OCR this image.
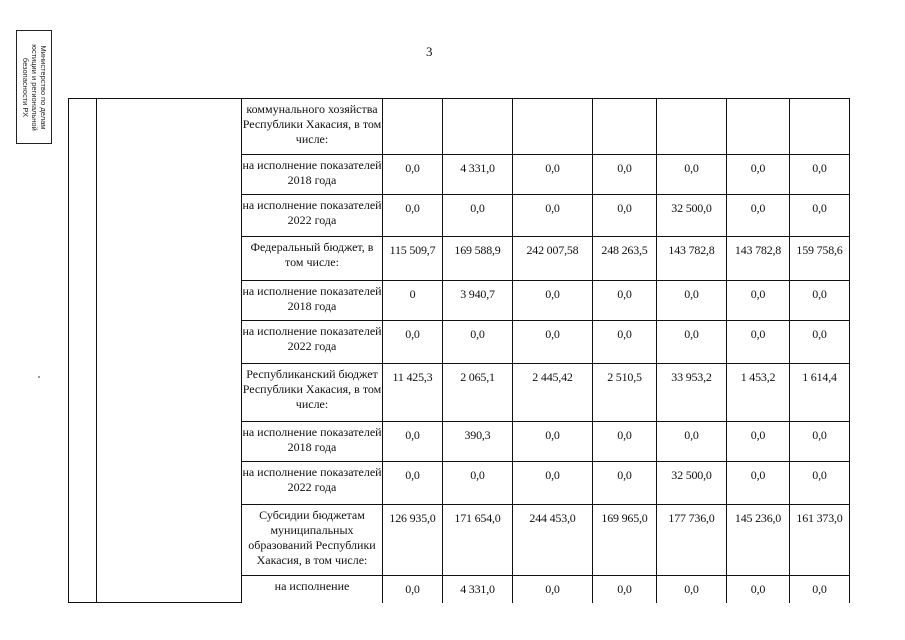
3
Министерство по делам
юстиции и региональной
безопасности РХ
			коммунального хозяйства Республики Хакасия, в том числе:							
		на исполнение показателей 2018 года	0,0	4 331,0	0,0	0,0	0,0	0,0	0,0
		на исполнение показателей 2022 года	0,0	0,0	0,0	0,0	32 500,0	0,0	0,0
		Федеральный бюджет, в том числе:	115 509,7	169 588,9	242 007,58	248 263,5	143 782,8	143 782,8	159 758,6
		на исполнение показателей 2018 года	0	3 940,7	0,0	0,0	0,0	0,0	0,0
		на исполнение показателей 2022 года	0,0	0,0	0,0	0,0	0,0	0,0	0,0
		Республиканский бюджет Республики Хакасия, в том числе:	11 425,3	2 065,1	2 445,42	2 510,5	33 953,2	1 453,2	1 614,4
		на исполнение показателей 2018 года	0,0	390,3	0,0	0,0	0,0	0,0	0,0
		на исполнение показателей 2022 года	0,0	0,0	0,0	0,0	32 500,0	0,0	0,0
		Субсидии бюджетам муниципальных образований Республики Хакасия, в том числе:	126 935,0	171 654,0	244 453,0	169 965,0	177 736,0	145 236,0	161 373,0
		на исполнение	0,0	4 331,0	0,0	0,0	0,0	0,0	0,0
